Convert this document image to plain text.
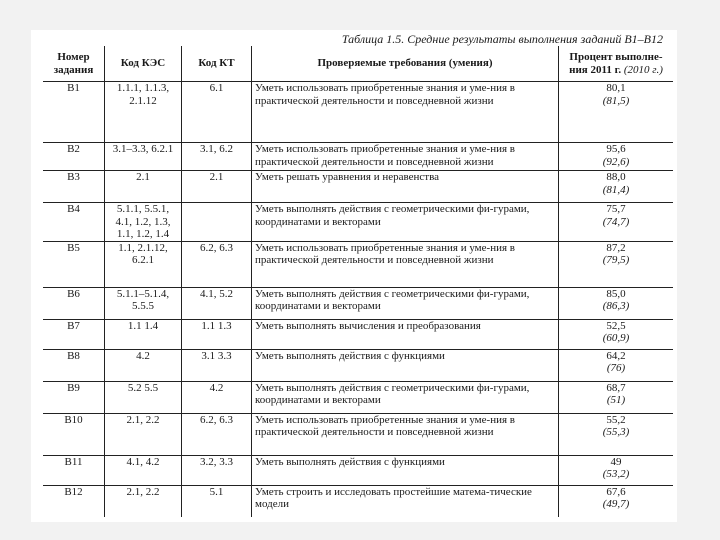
Таблица 1.5. Средние результаты выполнения заданий В1–В12
Номер задания	Код КЭС	Код КТ	Проверяемые требования (умения)	Процент выполне-ния 2011 г. (2010 г.)
В1	1.1.1, 1.1.3, 2.1.12	6.1	Уметь использовать приобретенные знания и уме-ния в практической деятельности и повседневной жизни	80,1
(81,5)

В2	3.1–3.3, 6.2.1	3.1, 6.2	Уметь использовать приобретенные знания и уме-ния в практической деятельности и повседневной жизни	95,6
(92,6)

В3	2.1	2.1	Уметь решать уравнения и неравенства	88,0
(81,4)

В4	5.1.1, 5.5.1, 4.1, 1.2, 1.3, 1.1, 1.2, 1.4		Уметь выполнять действия с геометрическими фи-гурами, координатами и векторами	75,7
(74,7)

В5	1.1, 2.1.12, 6.2.1	6.2, 6.3	Уметь использовать приобретенные знания и уме-ния в практической деятельности и повседневной жизни	87,2
(79,5)

В6	5.1.1–5.1.4, 5.5.5	4.1, 5.2	Уметь выполнять действия с геометрическими фи-гурами, координатами и векторами	85,0
(86,3)

В7	1.1 1.4	1.1 1.3	Уметь выполнять вычисления и преобразования	52,5
(60,9)

В8	4.2	3.1 3.3	Уметь выполнять действия с функциями	64,2
(76)

В9	5.2 5.5	4.2	Уметь выполнять действия с геометрическими фи-гурами, координатами и векторами	68,7
(51)

В10	2.1, 2.2	6.2, 6.3	Уметь использовать приобретенные знания и уме-ния в практической деятельности и повседневной жизни	55,2
(55,3)

В11	4.1, 4.2	3.2, 3.3	Уметь выполнять действия с функциями	49
(53,2)

В12	2.1, 2.2	5.1	Уметь строить и исследовать простейшие матема-тические модели	67,6
(49,7)
